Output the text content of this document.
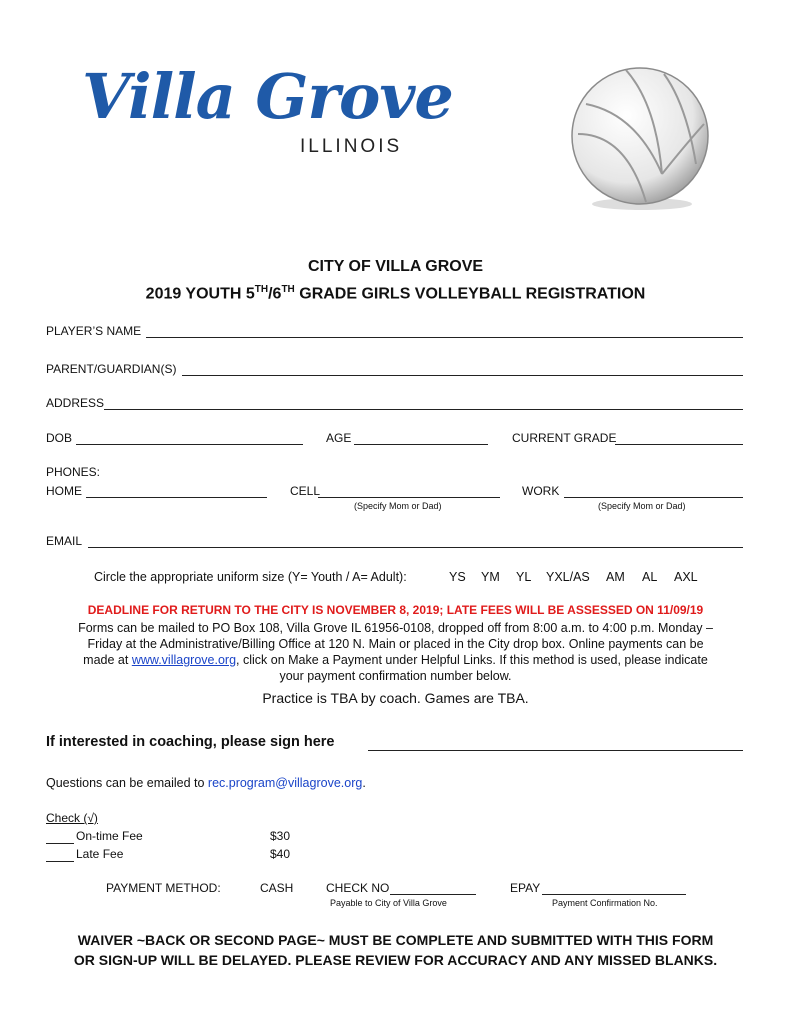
Villa Grove
ILLINOIS
CITY OF VILLA GROVE
2019 YOUTH 5TH/6TH GRADE GIRLS VOLLEYBALL REGISTRATION
PLAYER’S NAME
PARENT/GUARDIAN(S)
ADDRESS
DOB	AGE	CURRENT GRADE
PHONES:
HOME	CELL	WORK
(Specify Mom or Dad)	(Specify Mom or Dad)
EMAIL
Circle the appropriate uniform size (Y= Youth / A= Adult):	YS YM YL YXL/AS AM AL AXL
DEADLINE FOR RETURN TO THE CITY IS NOVEMBER 8, 2019; LATE FEES WILL BE ASSESSED ON 11/09/19
Forms can be mailed to PO Box 108, Villa Grove IL 61956-0108, dropped off from 8:00 a.m. to 4:00 p.m. Monday –
Friday at the Administrative/Billing Office at 120 N. Main or placed in the City drop box. Online payments can be
made at www.villagrove.org, click on Make a Payment under Helpful Links. If this method is used, please indicate
your payment confirmation number below.
Practice is TBA by coach. Games are TBA.
If interested in coaching, please sign here
Questions can be emailed to rec.program@villagrove.org.
Check (√)
On-time Fee	$30
Late Fee	$40
PAYMENT METHOD:	CASH	CHECK NO	EPAY
Payable to City of Villa Grove	Payment Confirmation No.
WAIVER ~BACK OR SECOND PAGE~ MUST BE COMPLETE AND SUBMITTED WITH THIS FORM
OR SIGN-UP WILL BE DELAYED. PLEASE REVIEW FOR ACCURACY AND ANY MISSED BLANKS.
